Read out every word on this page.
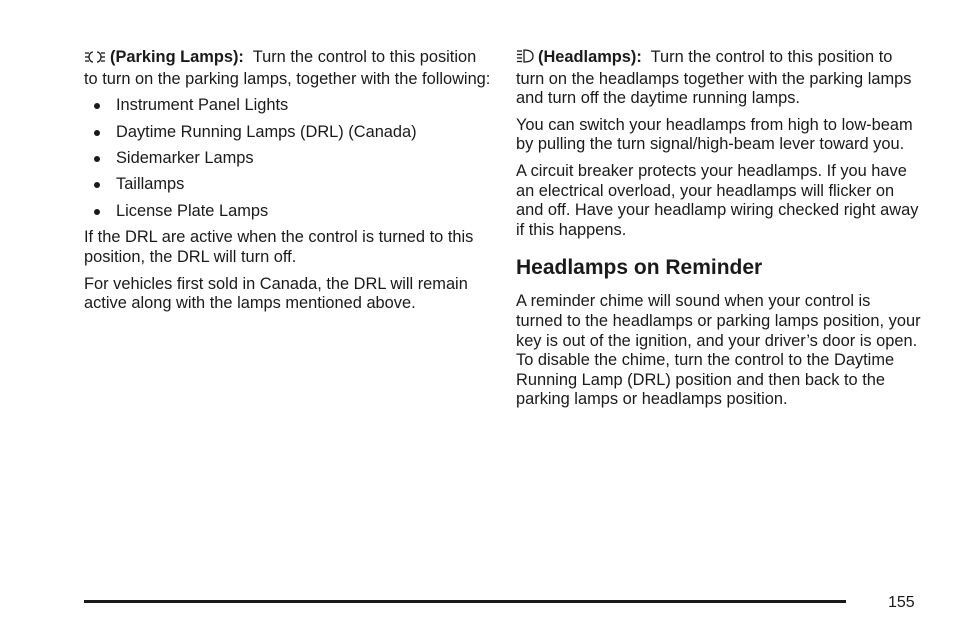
(Parking Lamps): Turn the control to this position to turn on the parking lamps, together with the following:

Instrument Panel Lights
Daytime Running Lamps (DRL) (Canada)
Sidemarker Lamps
Taillamps
License Plate Lamps

If the DRL are active when the control is turned to this position, the DRL will turn off.

For vehicles first sold in Canada, the DRL will remain active along with the lamps mentioned above.

(Headlamps): Turn the control to this position to turn on the headlamps together with the parking lamps and turn off the daytime running lamps.

You can switch your headlamps from high to low-beam by pulling the turn signal/high-beam lever toward you.

A circuit breaker protects your headlamps. If you have an electrical overload, your headlamps will flicker on and off. Have your headlamp wiring checked right away if this happens.

Headlamps on Reminder

A reminder chime will sound when your control is turned to the headlamps or parking lamps position, your key is out of the ignition, and your driver’s door is open. To disable the chime, turn the control to the Daytime Running Lamp (DRL) position and then back to the parking lamps or headlamps position.

155
